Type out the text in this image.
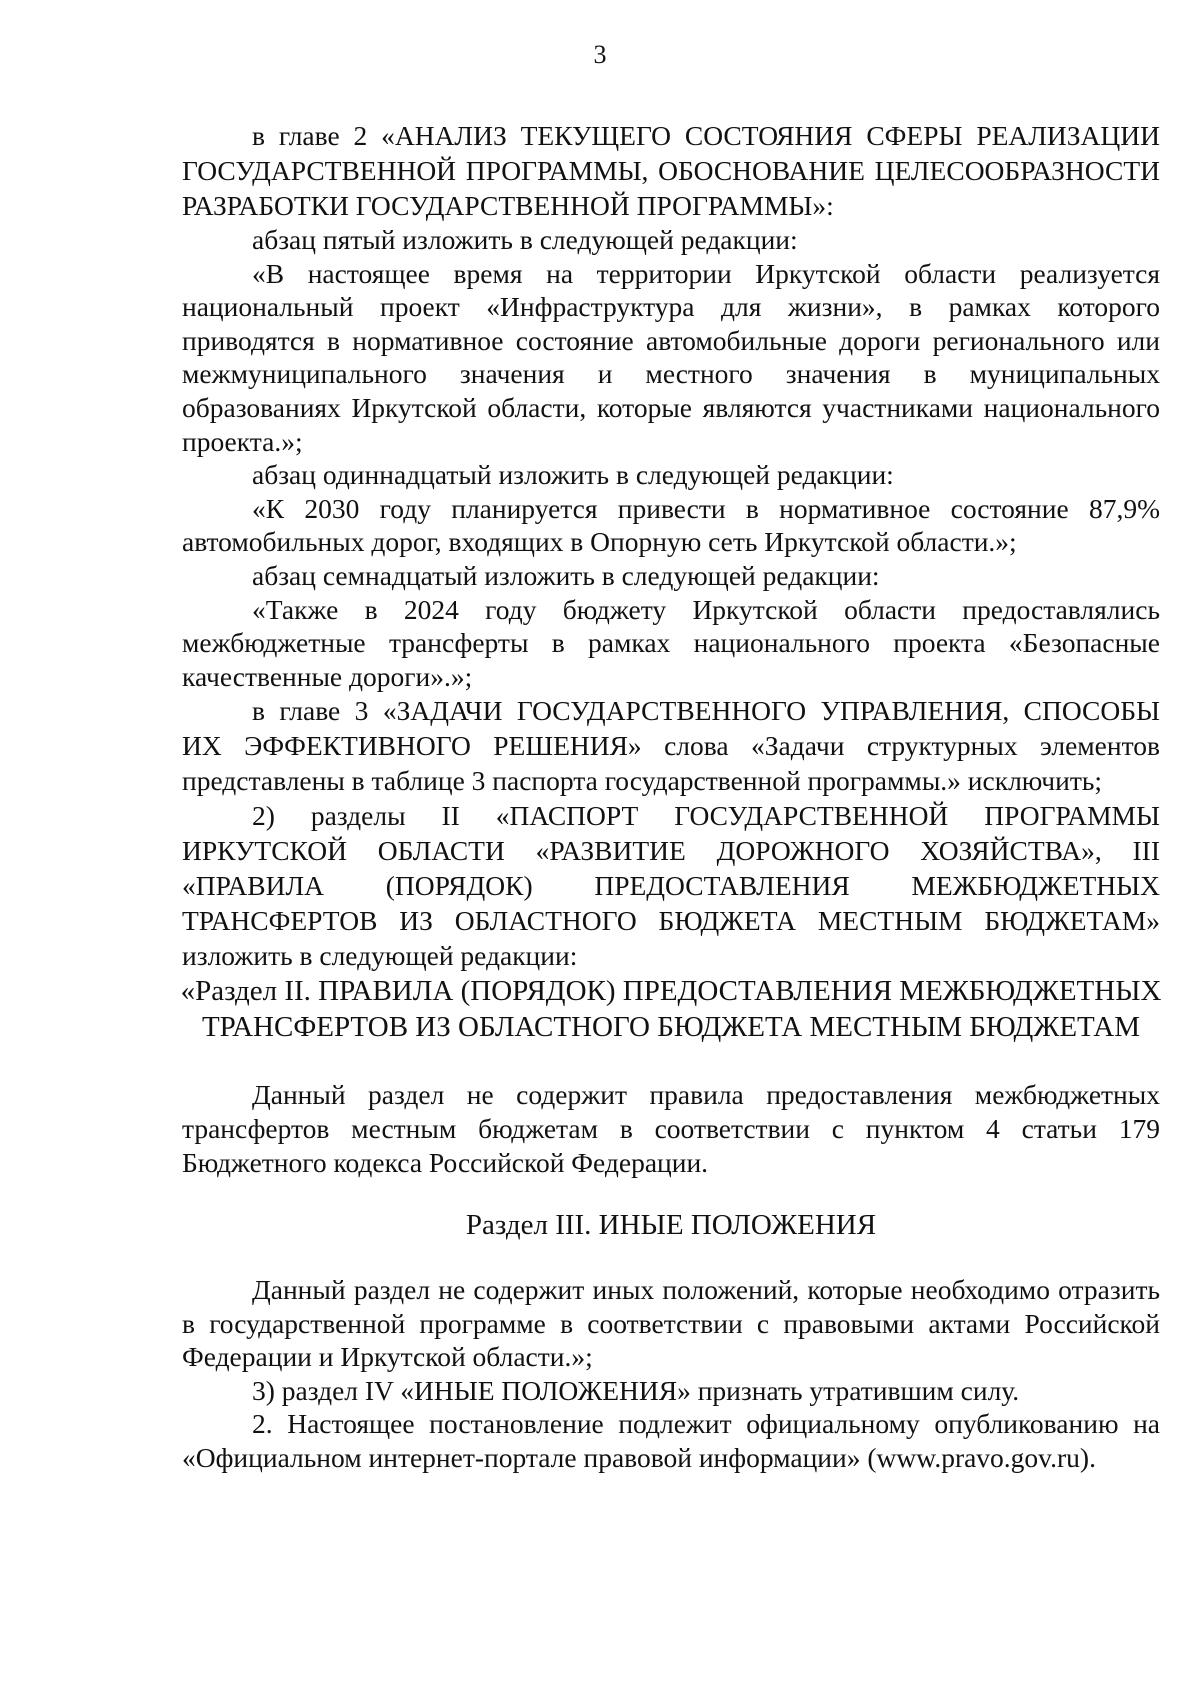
3

в главе 2 «АНАЛИЗ ТЕКУЩЕГО СОСТОЯНИЯ СФЕРЫ РЕАЛИЗАЦИИ ГОСУДАРСТВЕННОЙ ПРОГРАММЫ, ОБОСНОВАНИЕ ЦЕЛЕСООБРАЗНОСТИ РАЗРАБОТКИ ГОСУДАРСТВЕННОЙ ПРОГРАММЫ»:

абзац пятый изложить в следующей редакции:

«В настоящее время на территории Иркутской области реализуется национальный проект «Инфраструктура для жизни», в рамках которого приводятся в нормативное состояние автомобильные дороги регионального или межмуниципального значения и местного значения в муниципальных образованиях Иркутской области, которые являются участниками национального проекта.»;

абзац одиннадцатый изложить в следующей редакции:

«К 2030 году планируется привести в нормативное состояние 87,9% автомобильных дорог, входящих в Опорную сеть Иркутской области.»;

абзац семнадцатый изложить в следующей редакции:

«Также в 2024 году бюджету Иркутской области предоставлялись межбюджетные трансферты в рамках национального проекта «Безопасные качественные дороги».»;

в главе 3 «ЗАДАЧИ ГОСУДАРСТВЕННОГО УПРАВЛЕНИЯ, СПОСОБЫ ИХ ЭФФЕКТИВНОГО РЕШЕНИЯ» слова «Задачи структурных элементов представлены в таблице 3 паспорта государственной программы.» исключить;

2) разделы II «ПАСПОРТ ГОСУДАРСТВЕННОЙ ПРОГРАММЫ ИРКУТСКОЙ ОБЛАСТИ «РАЗВИТИЕ ДОРОЖНОГО ХОЗЯЙСТВА», III «ПРАВИЛА (ПОРЯДОК) ПРЕДОСТАВЛЕНИЯ МЕЖБЮДЖЕТНЫХ ТРАНСФЕРТОВ ИЗ ОБЛАСТНОГО БЮДЖЕТА МЕСТНЫМ БЮДЖЕТАМ» изложить в следующей редакции:

«Раздел II. ПРАВИЛА (ПОРЯДОК) ПРЕДОСТАВЛЕНИЯ МЕЖБЮДЖЕТНЫХ

ТРАНСФЕРТОВ ИЗ ОБЛАСТНОГО БЮДЖЕТА МЕСТНЫМ БЮДЖЕТАМ

Данный раздел не содержит правила предоставления межбюджетных трансфертов местным бюджетам в соответствии с пунктом 4 статьи 179 Бюджетного кодекса Российской Федерации.

Раздел III. ИНЫЕ ПОЛОЖЕНИЯ

Данный раздел не содержит иных положений, которые необходимо отразить в государственной программе в соответствии с правовыми актами Российской Федерации и Иркутской области.»;

3) раздел IV «ИНЫЕ ПОЛОЖЕНИЯ» признать утратившим силу.

2. Настоящее постановление подлежит официальному опубликованию на «Официальном интернет-портале правовой информации» (www.pravo.gov.ru).
